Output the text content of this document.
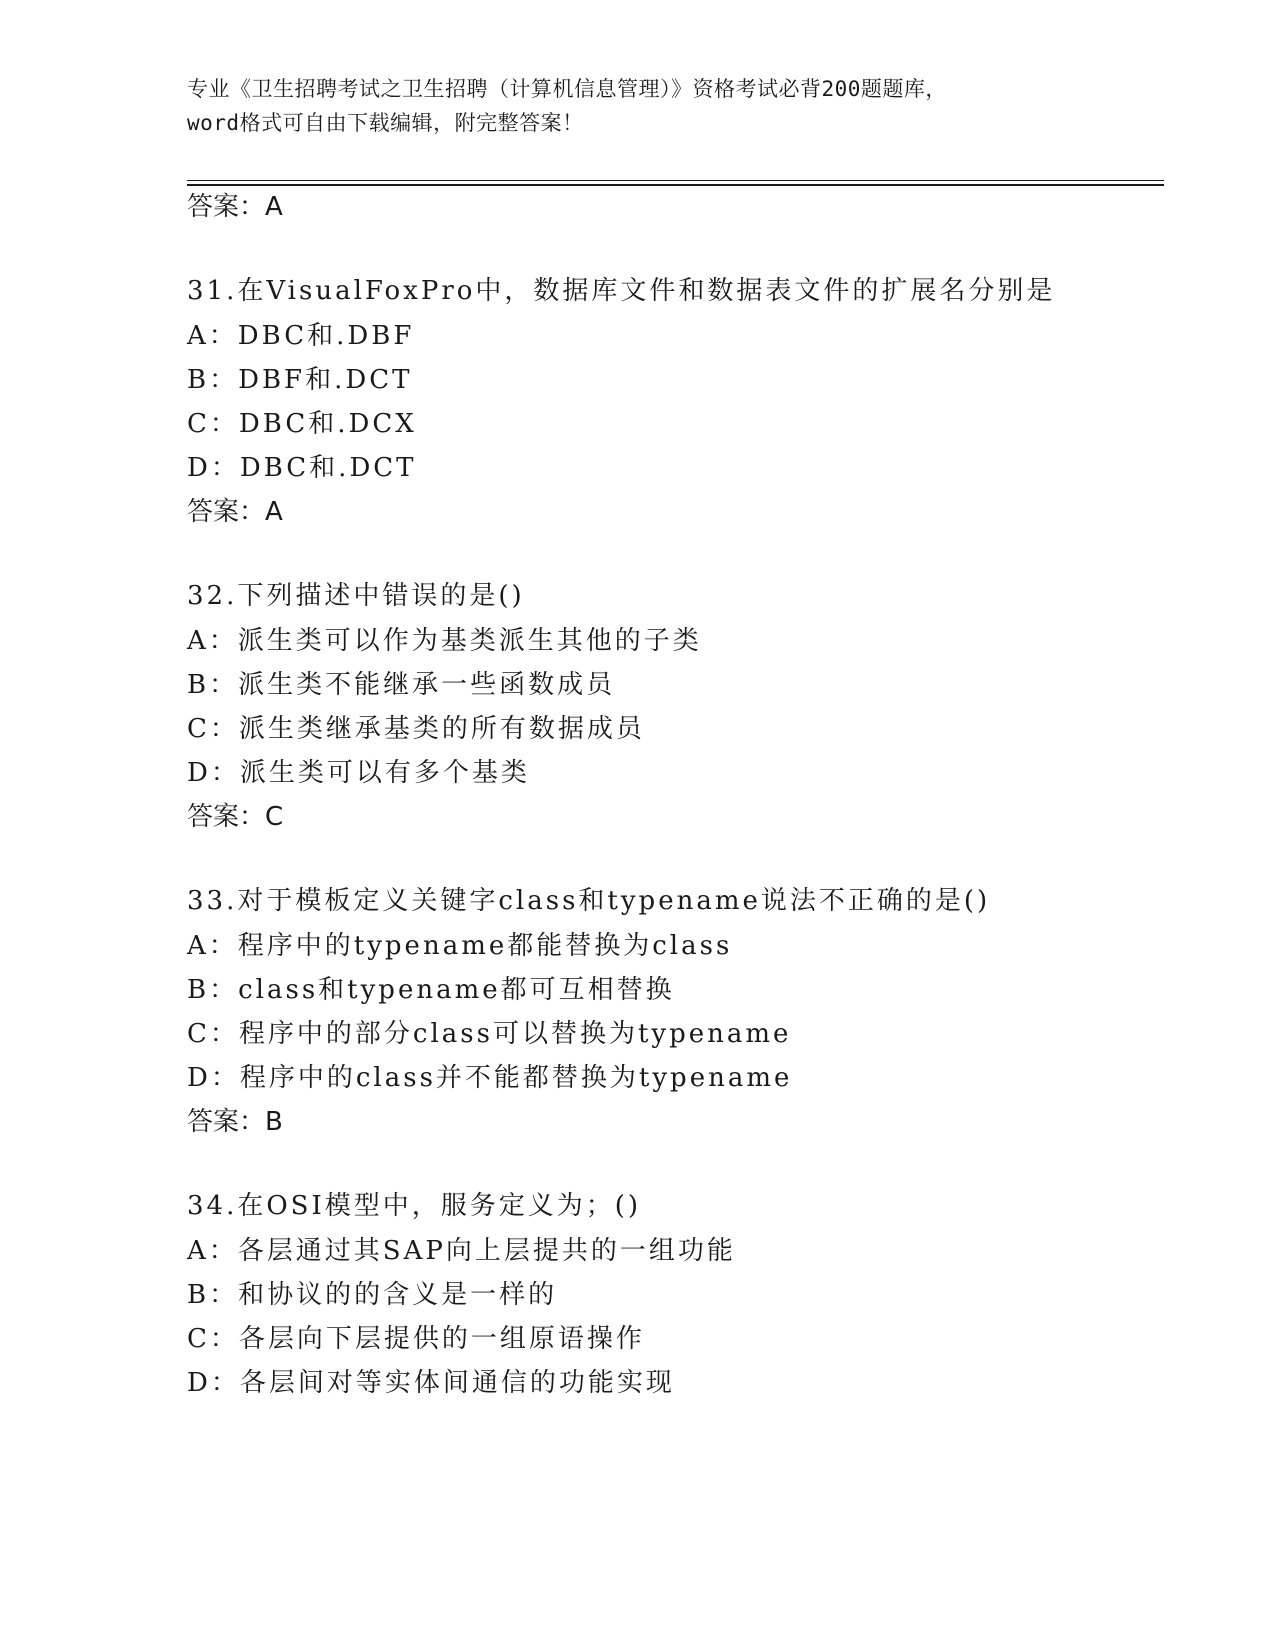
专业《卫生招聘考试之卫生招聘（计算机信息管理）》资格考试必背200题题库，
word格式可自由下载编辑，附完整答案！
答案：A
31.在VisualFoxPro中，数据库文件和数据表文件的扩展名分别是
A：DBC和.DBF
B：DBF和.DCT
C：DBC和.DCX
D：DBC和.DCT
答案：A
32.下列描述中错误的是()
A：派生类可以作为基类派生其他的子类
B：派生类不能继承一些函数成员
C：派生类继承基类的所有数据成员
D：派生类可以有多个基类
答案：C
33.对于模板定义关键字class和typename说法不正确的是()
A：程序中的typename都能替换为class
B：class和typename都可互相替换
C：程序中的部分class可以替换为typename
D：程序中的class并不能都替换为typename
答案：B
34.在OSI模型中，服务定义为；()
A：各层通过其SAP向上层提共的一组功能
B：和协议的的含义是一样的
C：各层向下层提供的一组原语操作
D：各层间对等实体间通信的功能实现
